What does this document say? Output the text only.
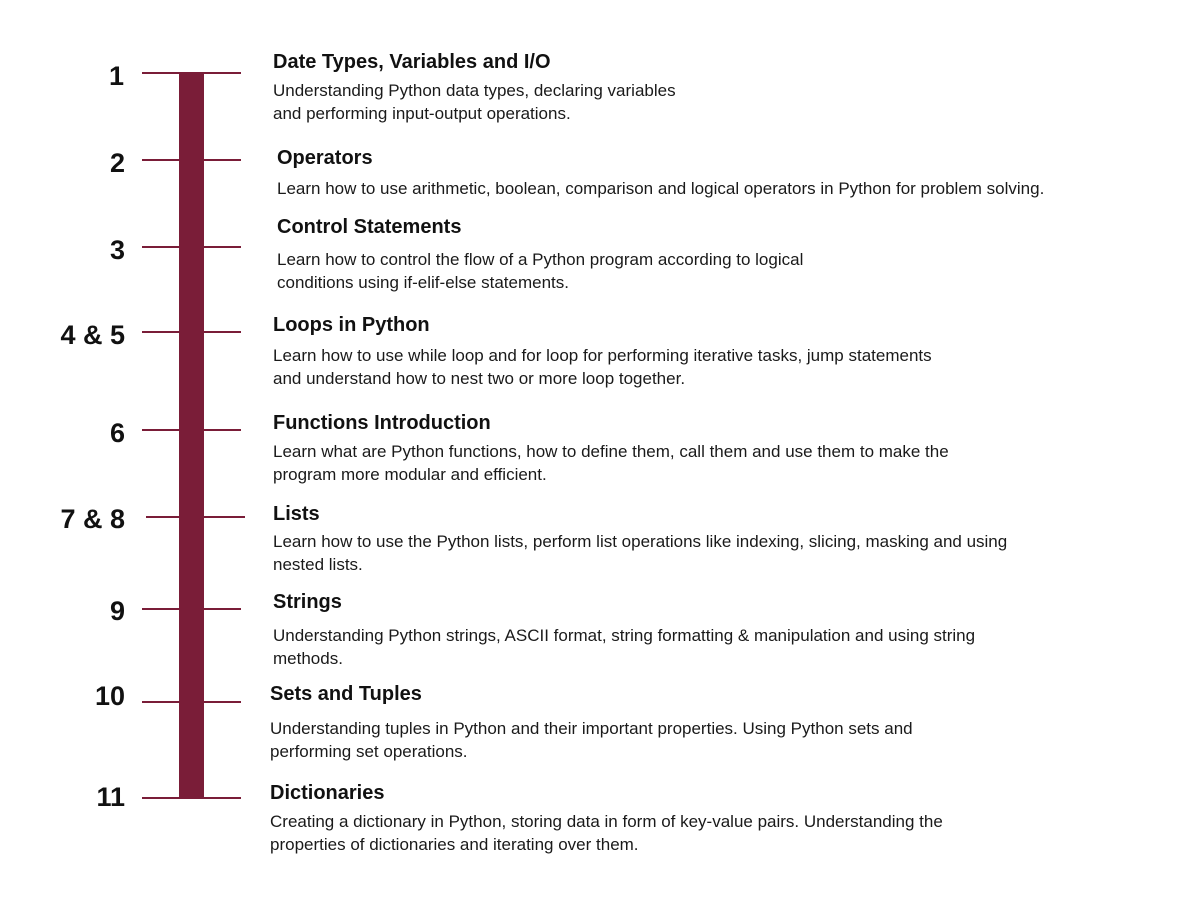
1
2
3
4 & 5
6
7 & 8
9
10
11
Date Types, Variables and I/O
Understanding Python data types, declaring variables
and performing input-output operations.
Operators
Learn how to use arithmetic, boolean, comparison and logical operators in Python for problem solving.
Control Statements
Learn how to control the flow of a Python program according to logical
conditions using if-elif-else statements.
Loops in Python
Learn how to use while loop and for loop for performing iterative tasks, jump statements
and understand how to nest two or more loop together.
Functions Introduction
Learn what are Python functions, how to define them, call them and use them to make the
program more modular and efficient.
Lists
Learn how to use the Python lists, perform list operations like indexing, slicing, masking and using
nested lists.
Strings
Understanding Python strings, ASCII format, string formatting & manipulation and using string
methods.
Sets and Tuples
Understanding tuples in Python and their important properties. Using Python sets and
performing set operations.
Dictionaries
Creating a dictionary in Python, storing data in form of key-value pairs. Understanding the
properties of dictionaries and iterating over them.
